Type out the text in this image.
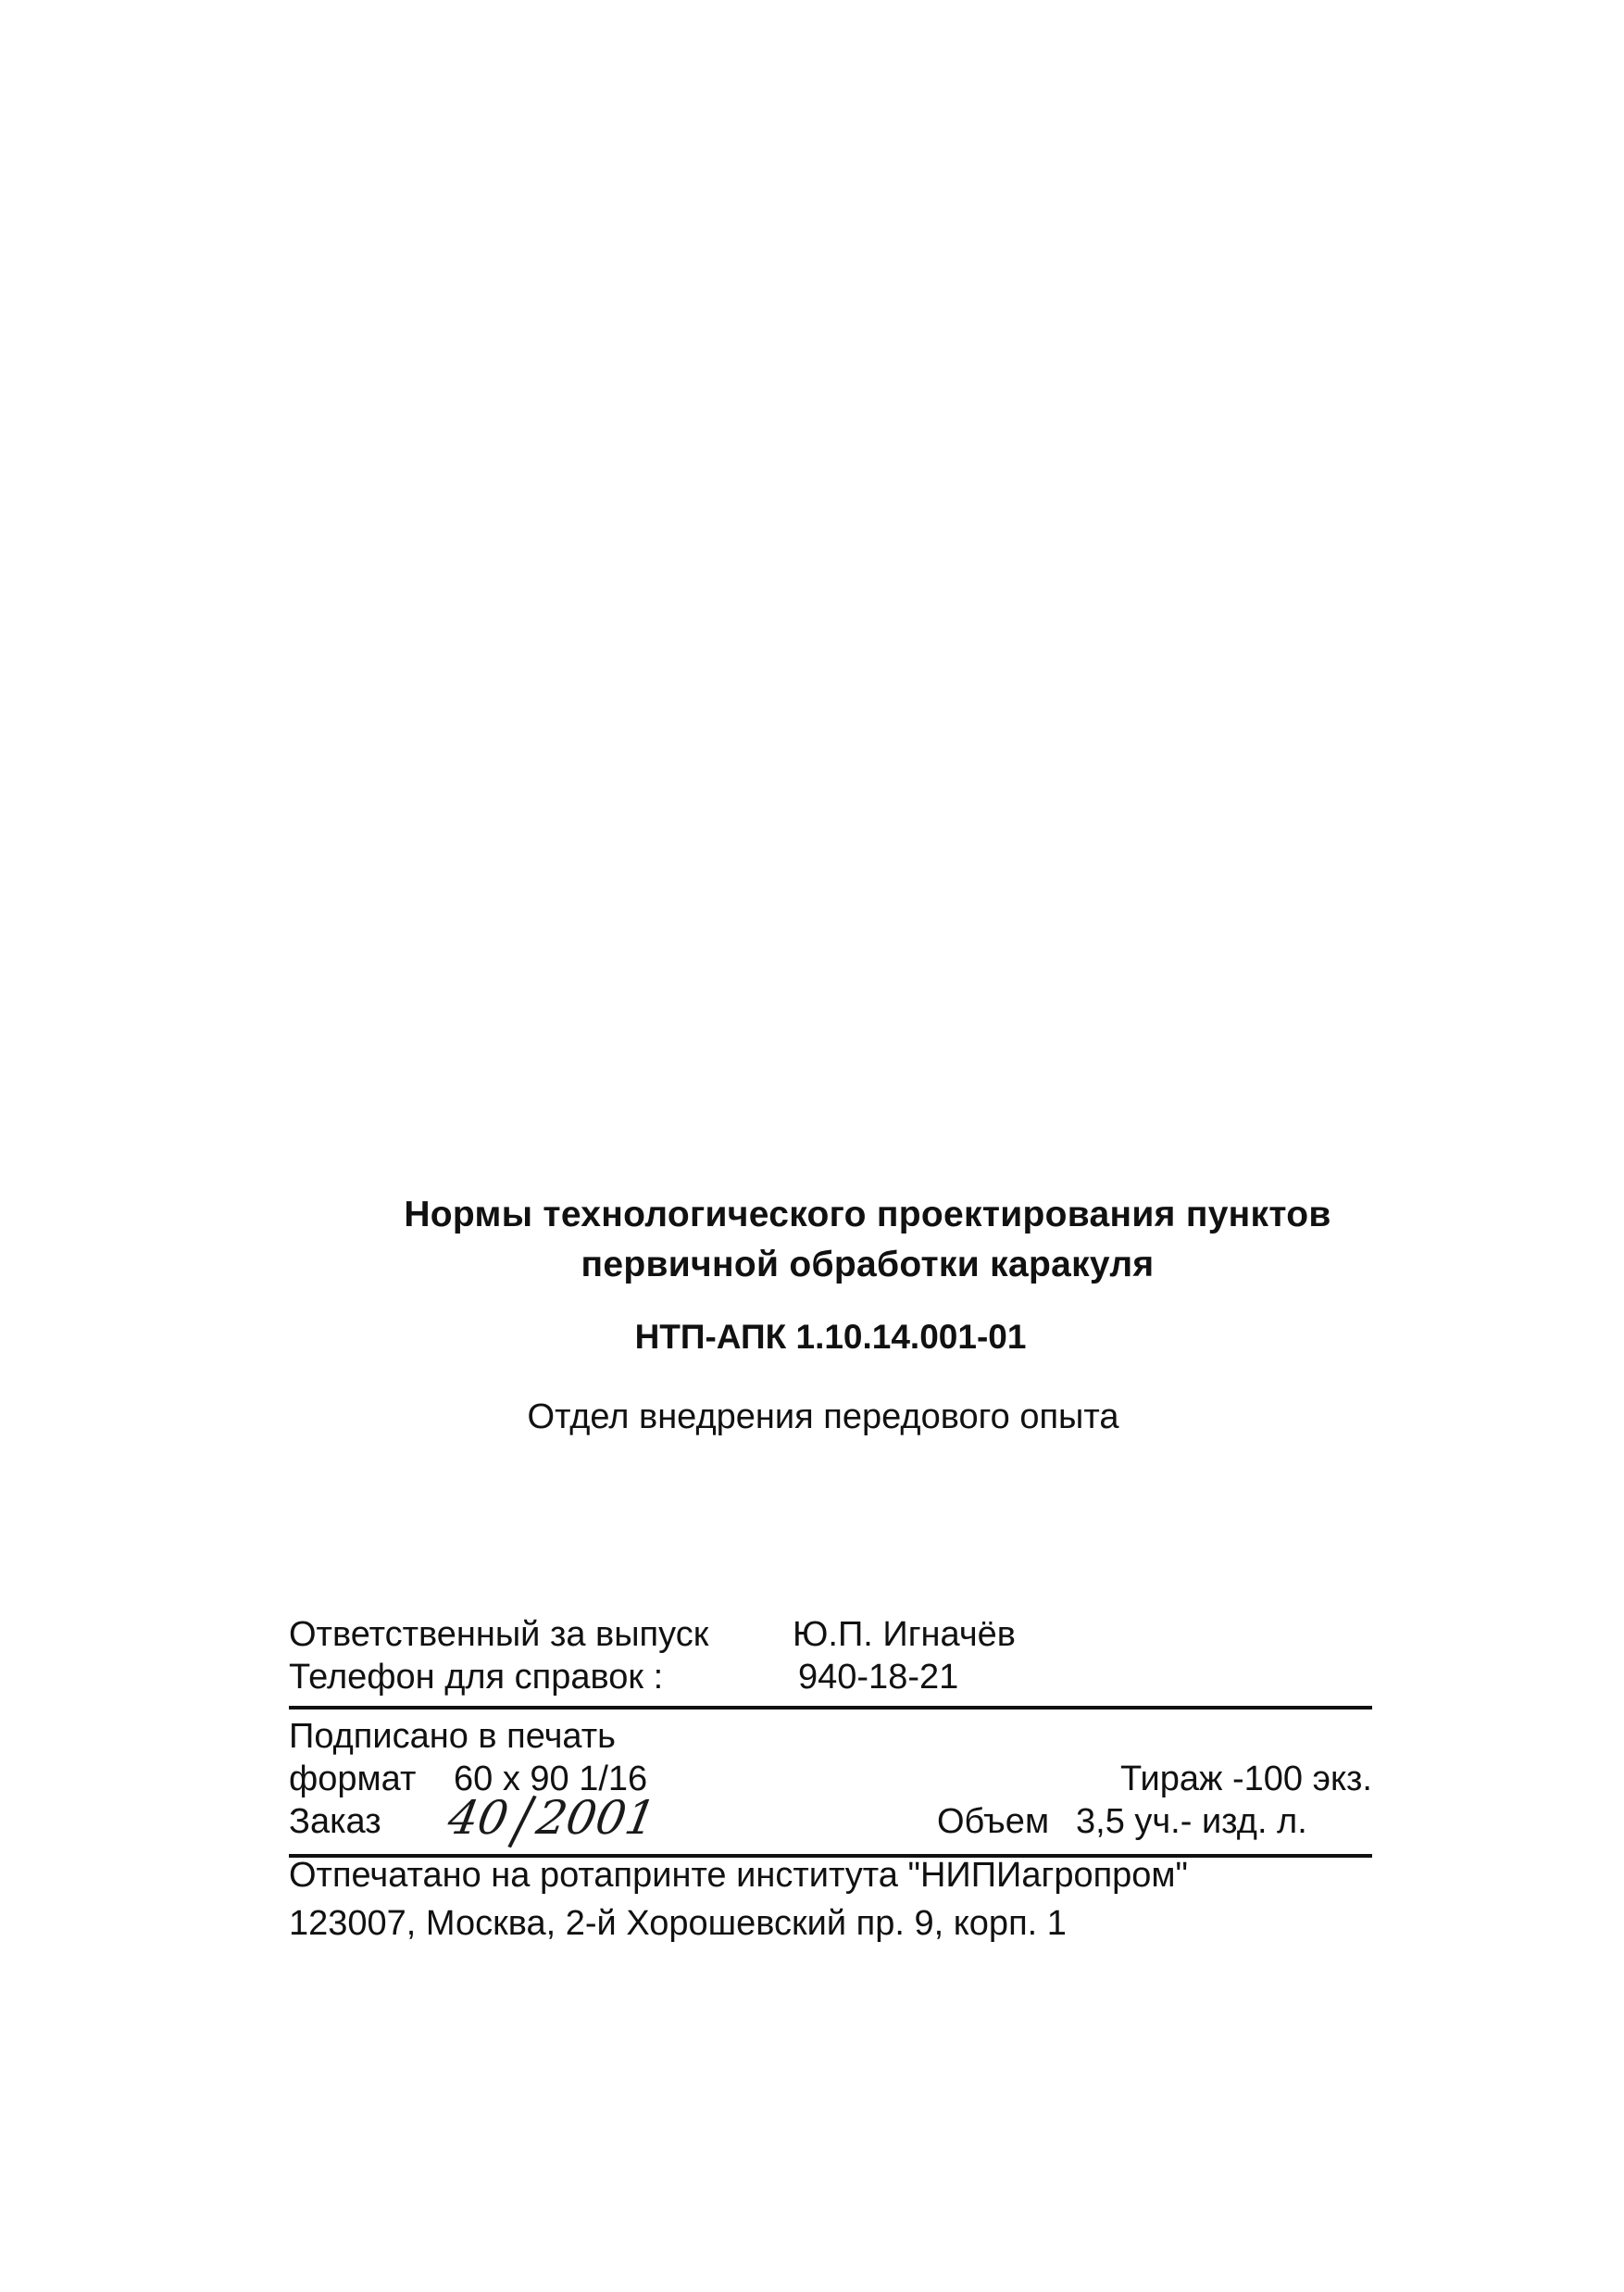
Нормы технологического проектирования пунктов
первичной обработки каракуля
НТП-АПК 1.10.14.001-01
Отдел внедрения передового опыта
Ответственный за выпуск Ю.П. Игначёв
Телефон для справок :	940-18-21
Подписано в печать
формат 60 х 90 1/16	Тираж -100 экз.
Заказ 40 2001	Объем 3,5 уч.- изд. л.
Отпечатано на ротапринте института "НИПИагропром"
123007, Москва, 2-й Хорошевский пр. 9, корп. 1
